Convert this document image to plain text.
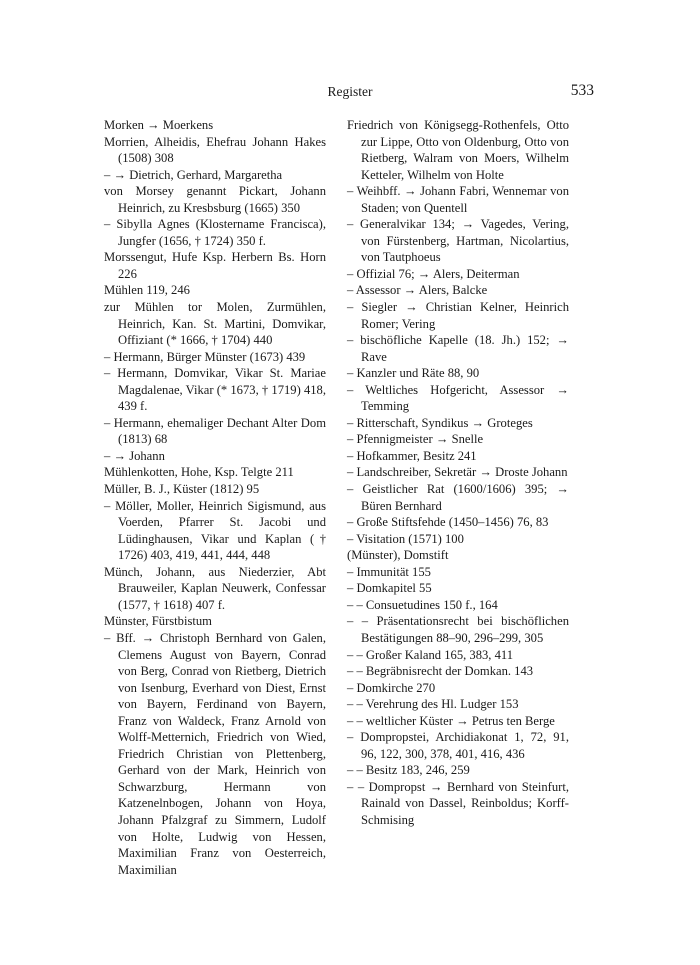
Register	533

Morken → Moerkens

Morrien, Alheidis, Ehefrau Johann Hakes (1508) 308

– → Dietrich, Gerhard, Margaretha

von Morsey genannt Pickart, Johann Heinrich, zu Kresbsburg (1665) 350

– Sibylla Agnes (Klostername Francisca), Jungfer (1656, † 1724) 350 f.

Morssengut, Hufe Ksp. Herbern Bs. Horn 226

Mühlen 119, 246

zur Mühlen tor Molen, Zurmühlen, Heinrich, Kan. St. Martini, Domvikar, Offiziant (* 1666, † 1704) 440

– Hermann, Bürger Münster (1673) 439

– Hermann, Domvikar, Vikar St. Mariae Magdalenae, Vikar (* 1673, † 1719) 418, 439 f.

– Hermann, ehemaliger Dechant Alter Dom (1813) 68

– → Johann

Mühlenkotten, Hohe, Ksp. Telgte 211

Müller, B. J., Küster (1812) 95

– Möller, Moller, Heinrich Sigismund, aus Voerden, Pfarrer St. Jacobi und Lüdinghausen, Vikar und Kaplan († 1726) 403, 419, 441, 444, 448

Münch, Johann, aus Niederzier, Abt Brauweiler, Kaplan Neuwerk, Confessar (1577, † 1618) 407 f.

Münster, Fürstbistum

– Bff. → Christoph Bernhard von Galen, Clemens August von Bayern, Conrad von Berg, Conrad von Rietberg, Dietrich von Isenburg, Everhard von Diest, Ernst von Bayern, Ferdinand von Bayern, Franz von Waldeck, Franz Arnold von Wolff-Metternich, Friedrich von Wied, Friedrich Christian von Plettenberg, Gerhard von der Mark, Heinrich von Schwarzburg, Hermann von Katzenelnbogen, Johann von Hoya, Johann Pfalzgraf zu Simmern, Ludolf von Holte, Ludwig von Hessen, Maximilian Franz von Oesterreich, Maximilian

Friedrich von Königsegg-Rothenfels, Otto zur Lippe, Otto von Oldenburg, Otto von Rietberg, Walram von Moers, Wilhelm Ketteler, Wilhelm von Holte

– Weihbff. → Johann Fabri, Wennemar von Staden; von Quentell

– Generalvikar 134; → Vagedes, Vering, von Fürstenberg, Hartman, Nicolartius, von Tautphoeus

– Offizial 76; → Alers, Deiterman

– Assessor → Alers, Balcke

– Siegler → Christian Kelner, Heinrich Romer; Vering

– bischöfliche Kapelle (18. Jh.) 152; → Rave

– Kanzler und Räte 88, 90

– Weltliches Hofgericht, Assessor → Temming

– Ritterschaft, Syndikus → Groteges

– Pfennigmeister → Snelle

– Hofkammer, Besitz 241

– Landschreiber, Sekretär → Droste Johann

– Geistlicher Rat (1600/1606) 395; → Büren Bernhard

– Große Stiftsfehde (1450–1456) 76, 83

– Visitation (1571) 100

(Münster), Domstift

– Immunität 155

– Domkapitel 55

– – Consuetudines 150 f., 164

– – Präsentationsrecht bei bischöflichen Bestätigungen 88–90, 296–299, 305

– – Großer Kaland 165, 383, 411

– – Begräbnisrecht der Domkan. 143

– Domkirche 270

– – Verehrung des Hl. Ludger 153

– – weltlicher Küster → Petrus ten Berge

– Dompropstei, Archidiakonat 1, 72, 91, 96, 122, 300, 378, 401, 416, 436

– – Besitz 183, 246, 259

– – Dompropst → Bernhard von Steinfurt, Rainald von Dassel, Reinboldus; Korff-Schmising
